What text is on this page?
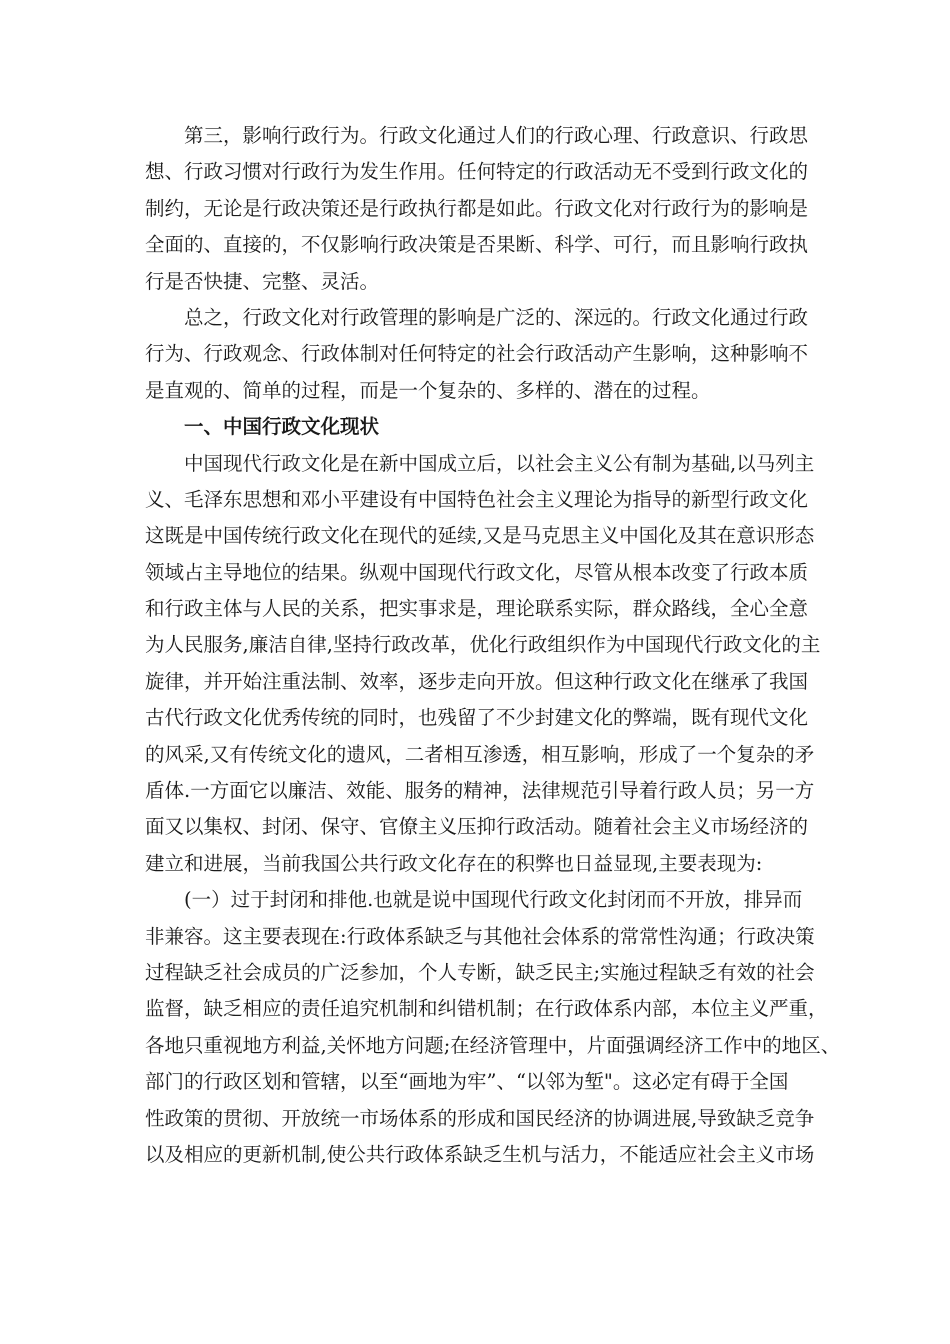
第三，影响行政行为。行政文化通过人们的行政心理、行政意识、行政思
想、行政习惯对行政行为发生作用。任何特定的行政活动无不受到行政文化的
制约，无论是行政决策还是行政执行都是如此。行政文化对行政行为的影响是
全面的、直接的，不仅影响行政决策是否果断、科学、可行，而且影响行政执
行是否快捷、完整、灵活。
总之，行政文化对行政管理的影响是广泛的、深远的。行政文化通过行政
行为、行政观念、行政体制对任何特定的社会行政活动产生影响，这种影响不
是直观的、简单的过程，而是一个复杂的、多样的、潜在的过程。
一、中国行政文化现状
中国现代行政文化是在新中国成立后，以社会主义公有制为基础,以马列主
义、毛泽东思想和邓小平建设有中国特色社会主义理论为指导的新型行政文化
这既是中国传统行政文化在现代的延续,又是马克思主义中国化及其在意识形态
领域占主导地位的结果。纵观中国现代行政文化，尽管从根本改变了行政本质
和行政主体与人民的关系，把实事求是，理论联系实际，群众路线，全心全意
为人民服务,廉洁自律,坚持行政改革，优化行政组织作为中国现代行政文化的主
旋律，并开始注重法制、效率，逐步走向开放。但这种行政文化在继承了我国
古代行政文化优秀传统的同时，也残留了不少封建文化的弊端，既有现代文化
的风采,又有传统文化的遗风，二者相互渗透，相互影响，形成了一个复杂的矛
盾体.一方面它以廉洁、效能、服务的精神，法律规范引导着行政人员；另一方
面又以集权、封闭、保守、官僚主义压抑行政活动。随着社会主义市场经济的
建立和进展，当前我国公共行政文化存在的积弊也日益显现,主要表现为:
(一）过于封闭和排他.也就是说中国现代行政文化封闭而不开放，排异而
非兼容。这主要表现在:行政体系缺乏与其他社会体系的常常性沟通；行政决策
过程缺乏社会成员的广泛参加，个人专断，缺乏民主;实施过程缺乏有效的社会
监督，缺乏相应的责任追究机制和纠错机制；在行政体系内部，本位主义严重，
各地只重视地方利益,关怀地方问题;在经济管理中，片面强调经济工作中的地区、
部门的行政区划和管辖，以至“画地为牢”、“以邻为堑"。这必定有碍于全国
性政策的贯彻、开放统一市场体系的形成和国民经济的协调进展,导致缺乏竞争
以及相应的更新机制,使公共行政体系缺乏生机与活力，不能适应社会主义市场
